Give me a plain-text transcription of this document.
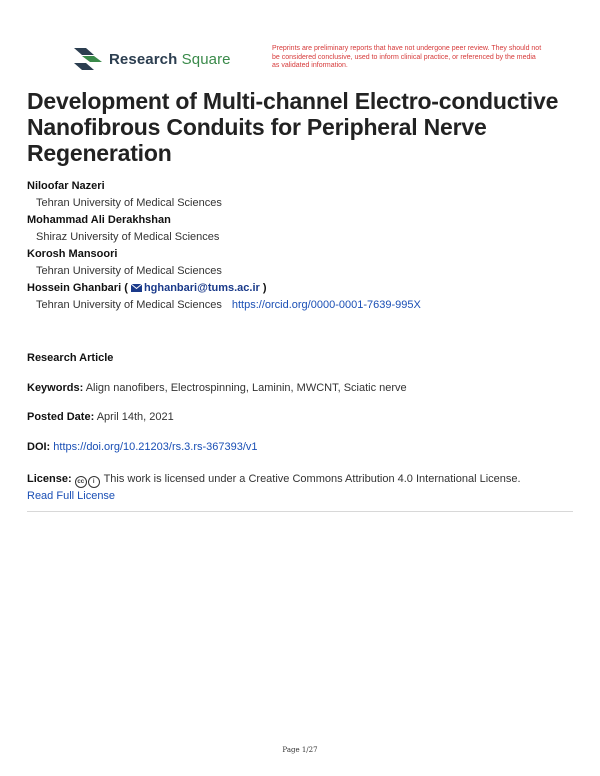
Research Square
Preprints are preliminary reports that have not undergone peer review. They should not be considered conclusive, used to inform clinical practice, or referenced by the media as validated information.
Development of Multi-channel Electro-conductive Nanofibrous Conduits for Peripheral Nerve Regeneration
Niloofar Nazeri
Tehran University of Medical Sciences
Mohammad Ali Derakhshan
Shiraz University of Medical Sciences
Korosh Mansoori
Tehran University of Medical Sciences
Hossein Ghanbari ( hghanbari@tums.ac.ir )
Tehran University of Medical Sciences https://orcid.org/0000-0001-7639-995X
Research Article
Keywords: Align nanofibers, Electrospinning, Laminin, MWCNT, Sciatic nerve
Posted Date: April 14th, 2021
DOI: https://doi.org/10.21203/rs.3.rs-367393/v1
License: cc i This work is licensed under a Creative Commons Attribution 4.0 International License.
Read Full License
Page 1/27
